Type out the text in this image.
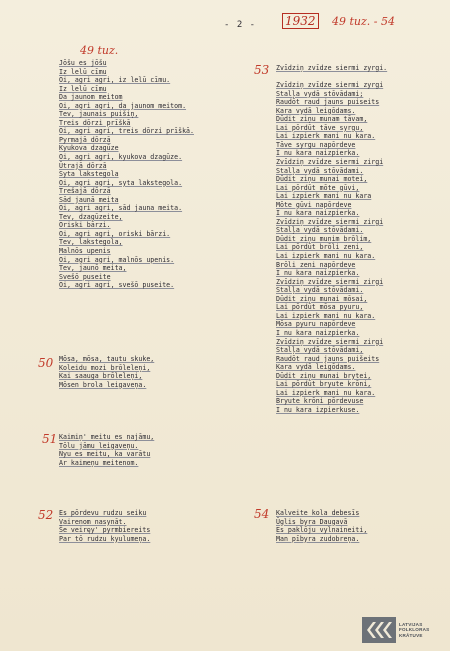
- 2 - 1932 49 tuz. - 54
49 tuz.
Jōšu es jōšu
Iz lelū cīmu
Oi, agri agri, iz lelū cīmu.
Iz lelū cīmu
Da jaunom meitom
Oi, agri agri, da jaunom meitom.
Tev, jaunais puišiņ,
Treis dōrzi prīškā
Oi, agri agri, treis dōrzi prīškā.
Pyrmajā dōrzā
Kyukova dzagūze
Oi, agri agri, kyukova dzagūze.
Ūtrajā dōrzā
Syta lakstegola
Oi, agri agri, syta lakstegola.
Trešajā dōrzā
Sād jaunā meita
Oi, agri agri, sād jauna meita.
Tev, dzagūzeite,
Oriski bārzi.
Oi, agri agri, oriski bārzi.
Tev, lakstegola,
Malnōs upenis
Oi, agri agri, malnōs upenis.
Tev, jaunō meita,
Svešō puseite
Oi, agri agri, svešō puseite.
50 Mōsa, mōsa, tautu skuke,
Koleidu mozi brōleleņi,
Kai saauga brōleleņi,
Mōsen brola leigaveņa.
51 Kaimiņ' meitu es najāmu,
Tōlu jāmu leigaveņu.
Nyu es meitu, ka varātu
Ar kaimeņu meitenom.
52 Es pōrdevu rudzu seiku
Vairenom nasynāt.
Še veiręy' pyrmbiereits
Par tō rudzu kyulumeņa.
53 Zvīdziņ zvīdze siermi zyrgi.

Zvīdziņ zvīdze siermi zyrgi
Stalļa vydā stōvādami;
Raudōt raud jauns puiseits
Kara vydā leigōdams.
Dūdit ziņu munam tāvam,
Lai pōrdūt tāve syrgu,
Lai izpierk mani nu kara.
Tāve syrgu napōrdeve
I nu kara naizpierka.
Zvīdziņ zvīdze siermi zirgi
Stalļa vydā stōvādami.
Dūdit ziņu munai motei,
Lai pōrdūt mōte gūvi,
Lai izpierk mani nu kara
Mōte gūvi napōrdeve
I nu kara naizpierka.
Zvīdziņ zvīdze siermi zirgi
Stalļa vydā stōvādami.
Dūdit ziņu munim brōlim,
Lai pōrdūt brōli zeni,
Lai izpierk mani nu kara.
Brōli zeni napōrdeve
I nu kara naizpierka.
Zvīdziņ zvīdze siermi zirgi
Stalļa vydā stōvādami.
Dūdit ziņu munai mōsai,
Lai pōrdūt mōsa pyuru,
Lai izpierk mani nu kara.
Mōsa pyuru napōrdeve
I nu kara naizpierka.
Zvīdziņ zvīdze siermi zirgi
Stalļa vydā stōvādami,
Raudōt raud jauns puišeits
Kara vydā leigōdams.
Dūdit ziņu munai brytei,
Lai pōrdūt bryute krōni,
Lai izpierk mani nu kara.
Bryute krōni pōrdevuse
I nu kara izpierkuse.
54 Kalveite kola debesīs
Ūglis byra Daugavā
Es paklōju vylnaineiti,
Man pībyra zudobreņa.
LATVIJAS
FOLKLORAS
KRĀTUVE
